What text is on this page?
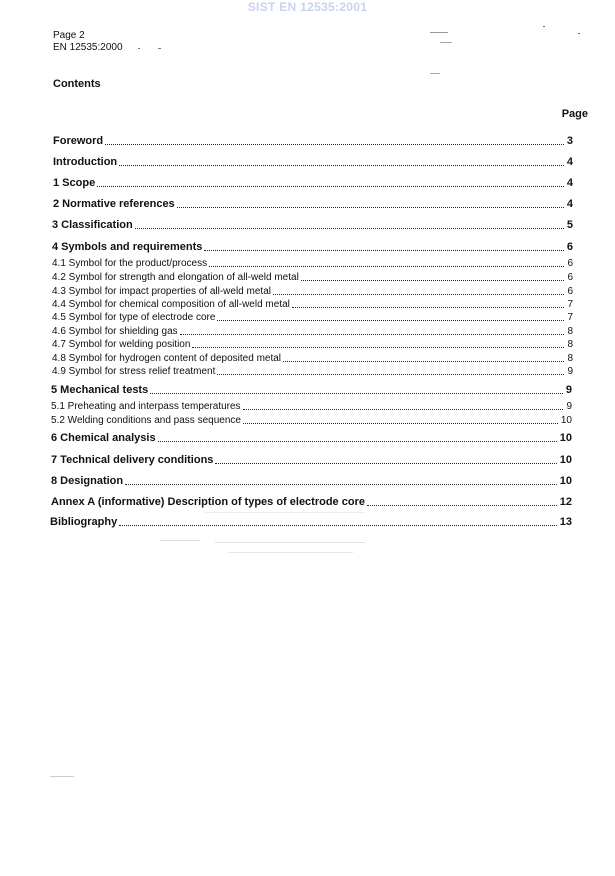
SIST EN 12535:2001
Page 2
EN 12535:2000
Contents
Page
Foreword	3
Introduction	4
1 Scope	4
2 Normative references	4
3 Classification	5
4 Symbols and requirements	6
4.1 Symbol for the product/process	6
4.2 Symbol for strength and elongation of all-weld metal	6
4.3 Symbol for impact properties of all-weld metal	6
4.4 Symbol for chemical composition of all-weld metal	7
4.5 Symbol for type of electrode core	7
4.6 Symbol for shielding gas	8
4.7 Symbol for welding position	8
4.8 Symbol for hydrogen content of deposited metal	8
4.9 Symbol for stress relief treatment	9
5 Mechanical tests	9
5.1 Preheating and interpass temperatures	9
5.2 Welding conditions and pass sequence	10
6 Chemical analysis	10
7 Technical delivery conditions	10
8 Designation	10
Annex A (informative) Description of types of electrode core	12
Bibliography	13
